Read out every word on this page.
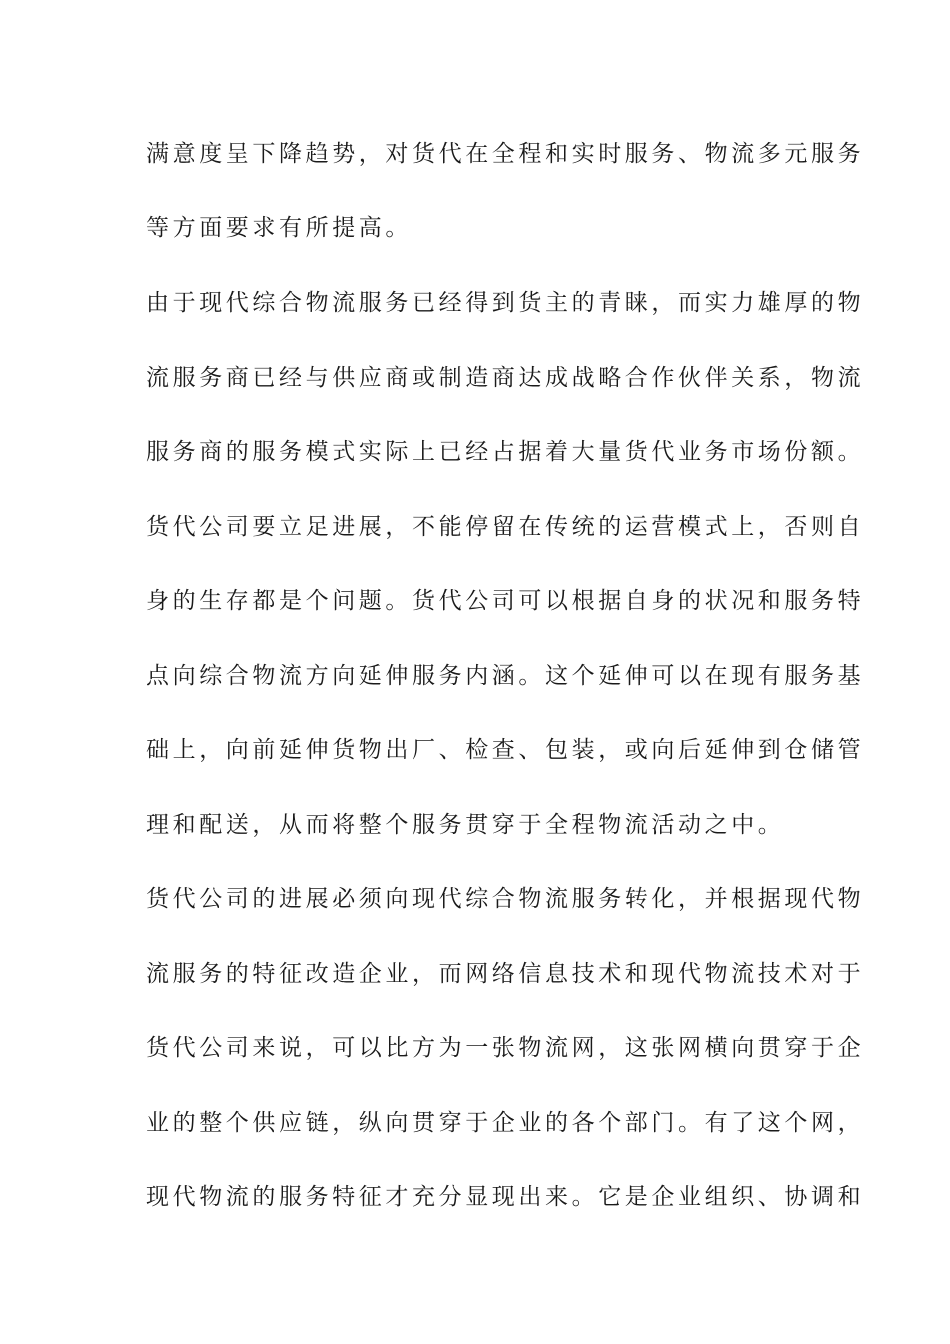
满意度呈下降趋势，对货代在全程和实时服务、物流多元服务
等方面要求有所提高。
由于现代综合物流服务已经得到货主的青睐，而实力雄厚的物
流服务商已经与供应商或制造商达成战略合作伙伴关系，物流
服务商的服务模式实际上已经占据着大量货代业务市场份额。
货代公司要立足进展，不能停留在传统的运营模式上，否则自
身的生存都是个问题。货代公司可以根据自身的状况和服务特
点向综合物流方向延伸服务内涵。这个延伸可以在现有服务基
础上，向前延伸货物出厂、检查、包装，或向后延伸到仓储管
理和配送，从而将整个服务贯穿于全程物流活动之中。
货代公司的进展必须向现代综合物流服务转化，并根据现代物
流服务的特征改造企业，而网络信息技术和现代物流技术对于
货代公司来说，可以比方为一张物流网，这张网横向贯穿于企
业的整个供应链，纵向贯穿于企业的各个部门。有了这个网，
现代物流的服务特征才充分显现出来。它是企业组织、协调和
